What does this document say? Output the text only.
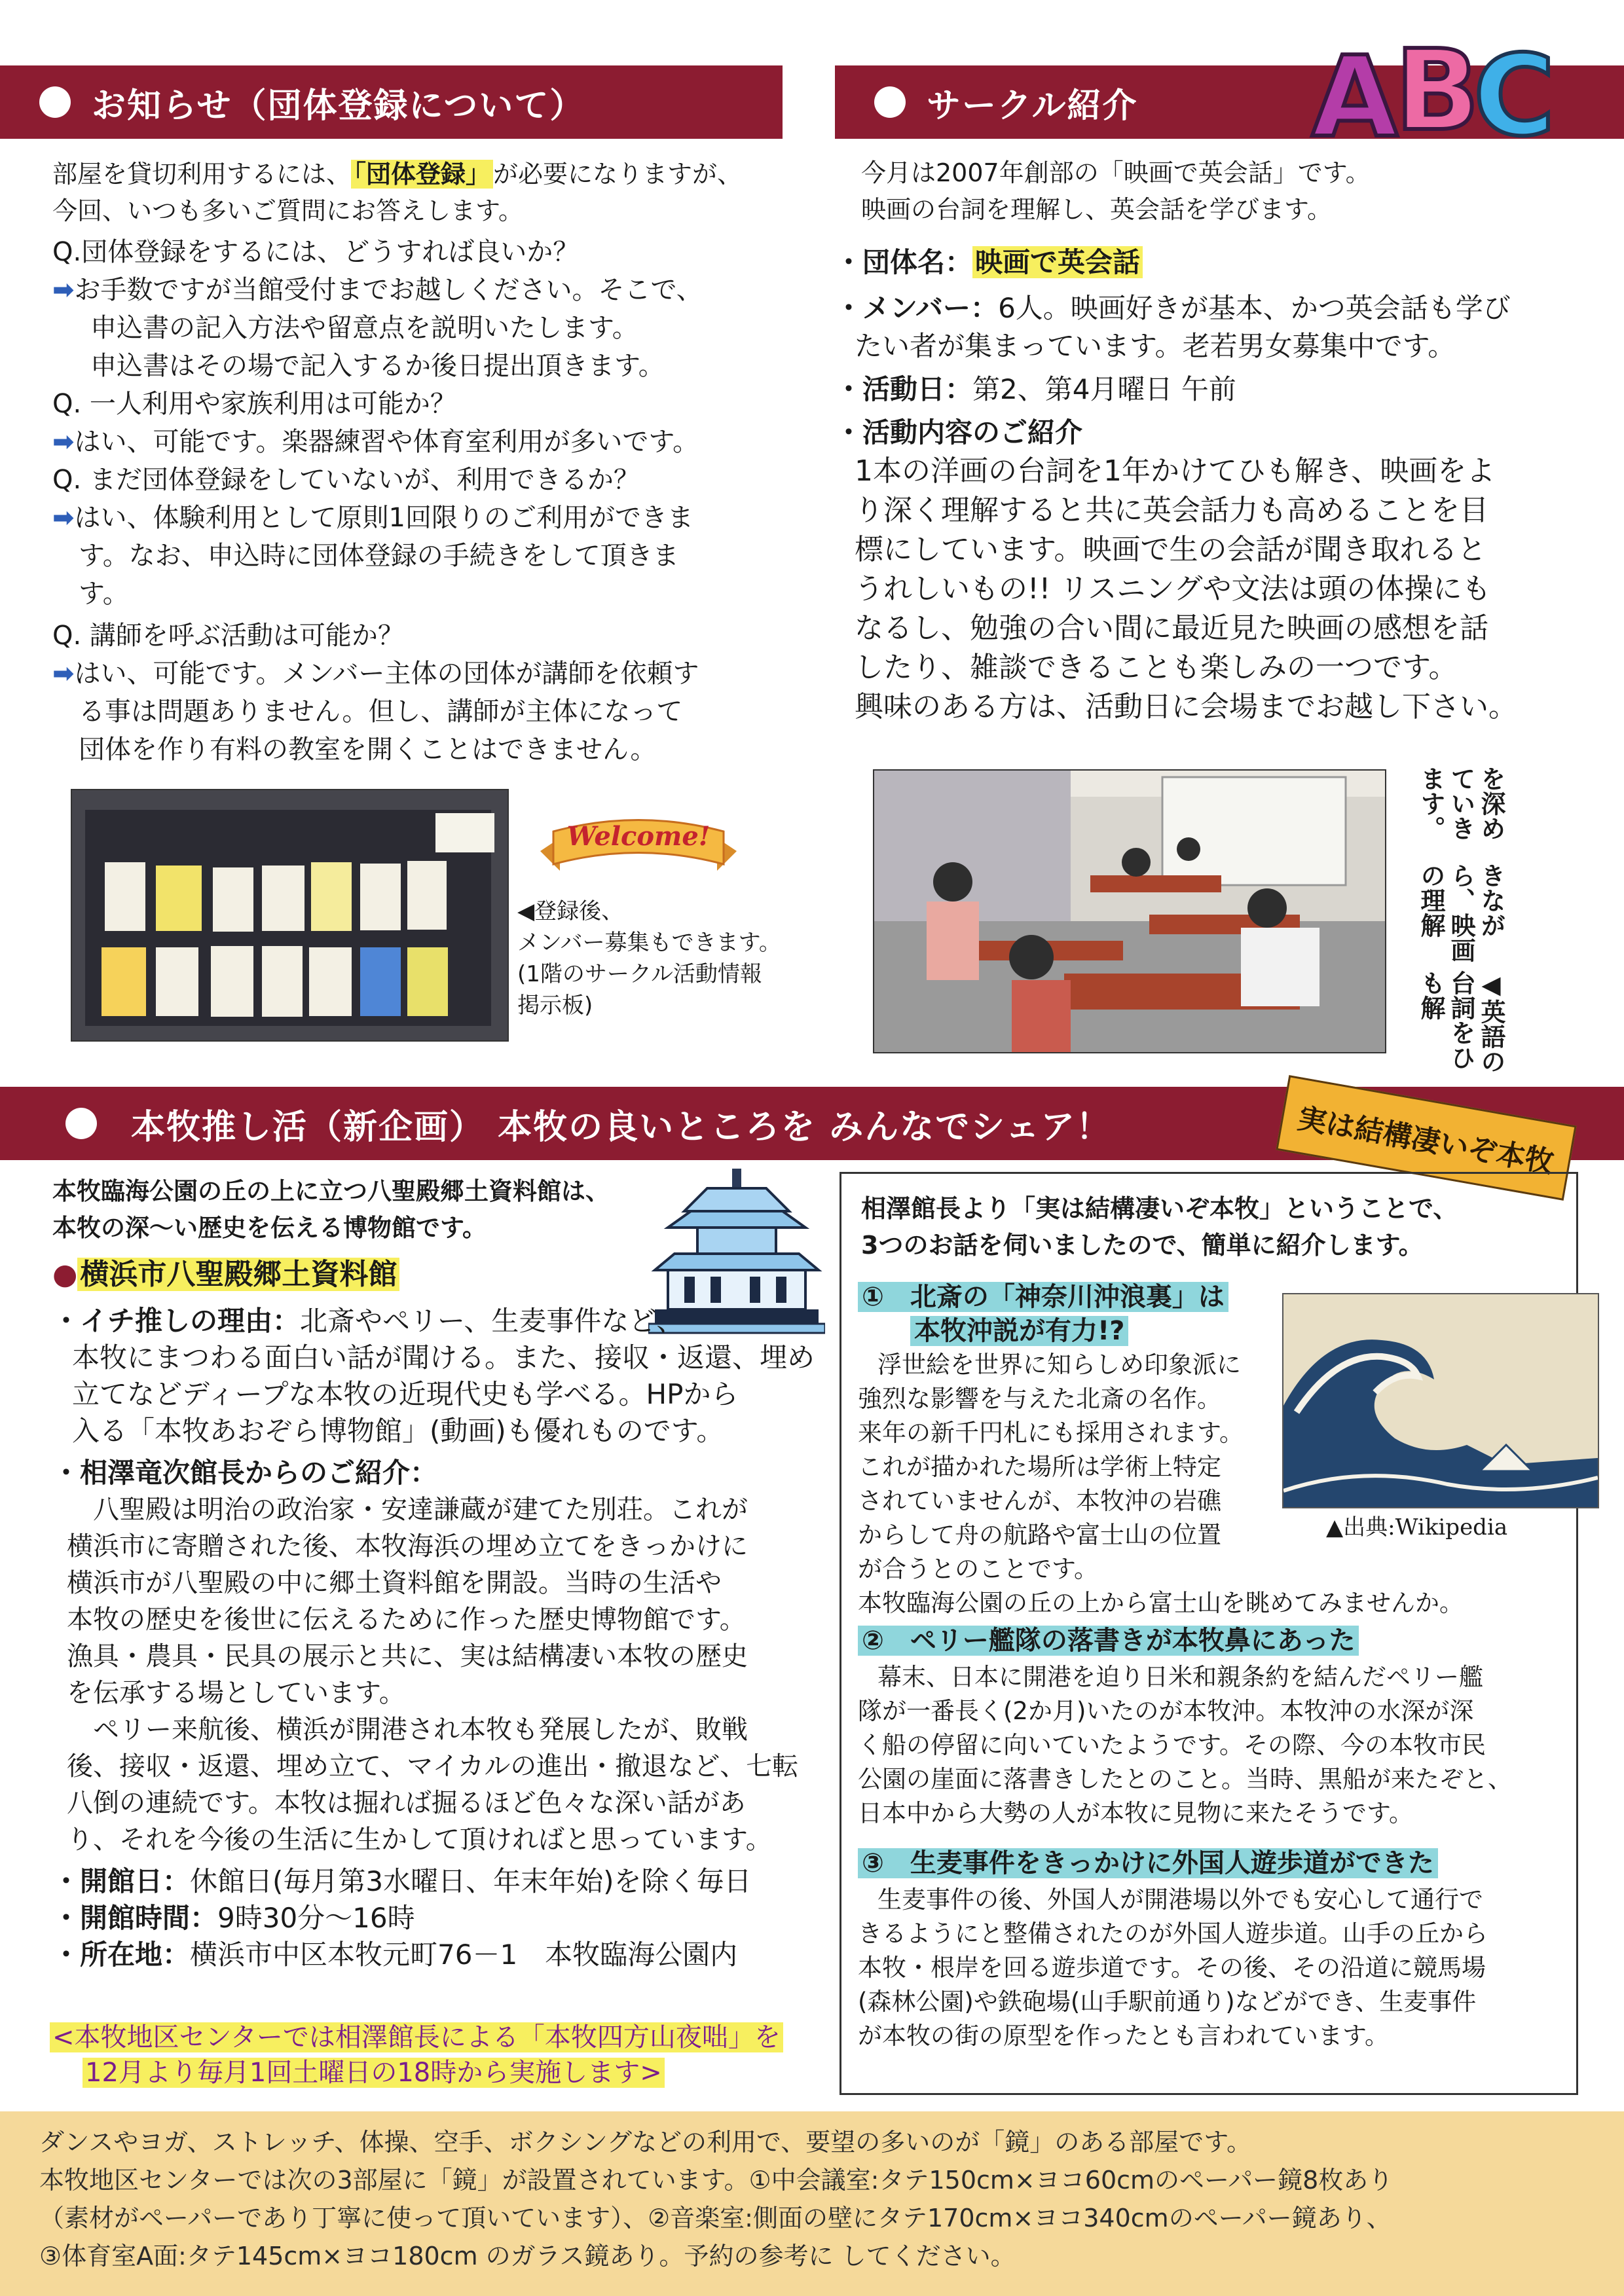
お知らせ（団体登録について）
部屋を貸切利用するには、 「団体登録」 が必要になりますが、
今回、いつも多いご質問にお答えします。
Q.団体登録をするには、どうすれば良いか？
➡お手数ですが当館受付までお越しください。そこで、
申込書の記入方法や留意点を説明いたします。
申込書はその場で記入するか後日提出頂きます。
Q. 一人利用や家族利用は可能か？
➡はい、可能です。楽器練習や体育室利用が多いです。
Q. まだ団体登録をしていないが、利用できるか？
➡はい、体験利用として原則1回限りのご利用ができま
す。なお、申込時に団体登録の手続きをして頂きま
す。
Q. 講師を呼ぶ活動は可能か？
➡はい、可能です。メンバー主体の団体が講師を依頼す
る事は問題ありません。但し、講師が主体になって
団体を作り有料の教室を開くことはできません。
Welcome!
◀登録後、
メンバー募集もできます。
(1階のサークル活動情報
掲示板)
サークル紹介 A
B
C
今月は2007年創部の「映画で英会話」です。
映画の台詞を理解し、英会話を学びます。
・団体名：映画で英会話
・メンバー：6人。映画好きが基本、かつ英会話も学び
たい者が集まっています。老若男女募集中です。
・活動日：第2、第4月曜日 午前
・活動内容のご紹介
1本の洋画の台詞を1年かけてひも解き、映画をよ
り深く理解すると共に英会話力も高めることを目
標にしています。映画で生の会話が聞き取れると
うれしいもの!! リスニングや文法は頭の体操にも
なるし、勉強の合い間に最近見た映画の感想を話
したり、雑談できることも楽しみの一つです。
興味のある方は、活動日に会場までお越し下さい。
◀英語の台詞をひも解
きながら、映画の理解
を深めていきます。
本牧推し活（新企画） 本牧の良いところを みんなでシェア！	実は結構凄いぞ本牧
本牧臨海公園の丘の上に立つ八聖殿郷土資料館は、
本牧の深～い歴史を伝える博物館です。
●横浜市八聖殿郷土資料館
・イチ推しの理由：北斎やペリー、生麦事件など、
本牧にまつわる面白い話が聞ける。また、接収・返還、埋め
立てなどディープな本牧の近現代史も学べる。HPから
入る「本牧あおぞら博物館」(動画)も優れものです。
・相澤竜次館長からのご紹介：
八聖殿は明治の政治家・安達謙蔵が建てた別荘。これが
横浜市に寄贈された後、本牧海浜の埋め立てをきっかけに
横浜市が八聖殿の中に郷土資料館を開設。当時の生活や
本牧の歴史を後世に伝えるために作った歴史博物館です。
漁具・農具・民具の展示と共に、実は結構凄い本牧の歴史
を伝承する場としています。
ペリー来航後、横浜が開港され本牧も発展したが、敗戦
後、接収・返還、埋め立て、マイカルの進出・撤退など、七転
八倒の連続です。本牧は掘れば掘るほど色々な深い話があ
り、それを今後の生活に生かして頂ければと思っています。
・開館日：休館日(毎月第3水曜日、年末年始)を除く毎日
・開館時間：9時30分～16時
・所在地：横浜市中区本牧元町76－1　本牧臨海公園内
<本牧地区センターでは相澤館長による「本牧四方山夜咄」を
12月より毎月1回土曜日の18時から実施します>
相澤館長より「実は結構凄いぞ本牧」ということで、
3つのお話を伺いましたので、簡単に紹介します。
①　北斎の「神奈川沖浪裏」は
本牧沖説が有力!?
浮世絵を世界に知らしめ印象派に
強烈な影響を与えた北斎の名作。
来年の新千円札にも採用されます。
これが描かれた場所は学術上特定
されていませんが、本牧沖の岩礁
からして舟の航路や富士山の位置
が合うとのことです。
本牧臨海公園の丘の上から富士山を眺めてみませんか。
▲出典:Wikipedia
②　ペリー艦隊の落書きが本牧鼻にあった
幕末、日本に開港を迫り日米和親条約を結んだペリー艦
隊が一番長く(2か月)いたのが本牧沖。本牧沖の水深が深
く船の停留に向いていたようです。その際、今の本牧市民
公園の崖面に落書きしたとのこと。当時、黒船が来たぞと、
日本中から大勢の人が本牧に見物に来たそうです。
③　生麦事件をきっかけに外国人遊歩道ができた
生麦事件の後、外国人が開港場以外でも安心して通行で
きるようにと整備されたのが外国人遊歩道。山手の丘から
本牧・根岸を回る遊歩道です。その後、その沿道に競馬場
(森林公園)や鉄砲場(山手駅前通り)などができ、生麦事件
が本牧の街の原型を作ったとも言われています。
ダンスやヨガ、ストレッチ、体操、空手、ボクシングなどの利用で、要望の多いのが「鏡」のある部屋です。
本牧地区センターでは次の3部屋に「鏡」が設置されています。①中会議室:タテ150cm×ヨコ60cmのペーパー鏡8枚あり
（素材がペーパーであり丁寧に使って頂いています）、②音楽室:側面の壁にタテ170cm×ヨコ340cmのペーパー鏡あり、
③体育室A面:タテ145cm×ヨコ180cm のガラス鏡あり。予約の参考に してください。
